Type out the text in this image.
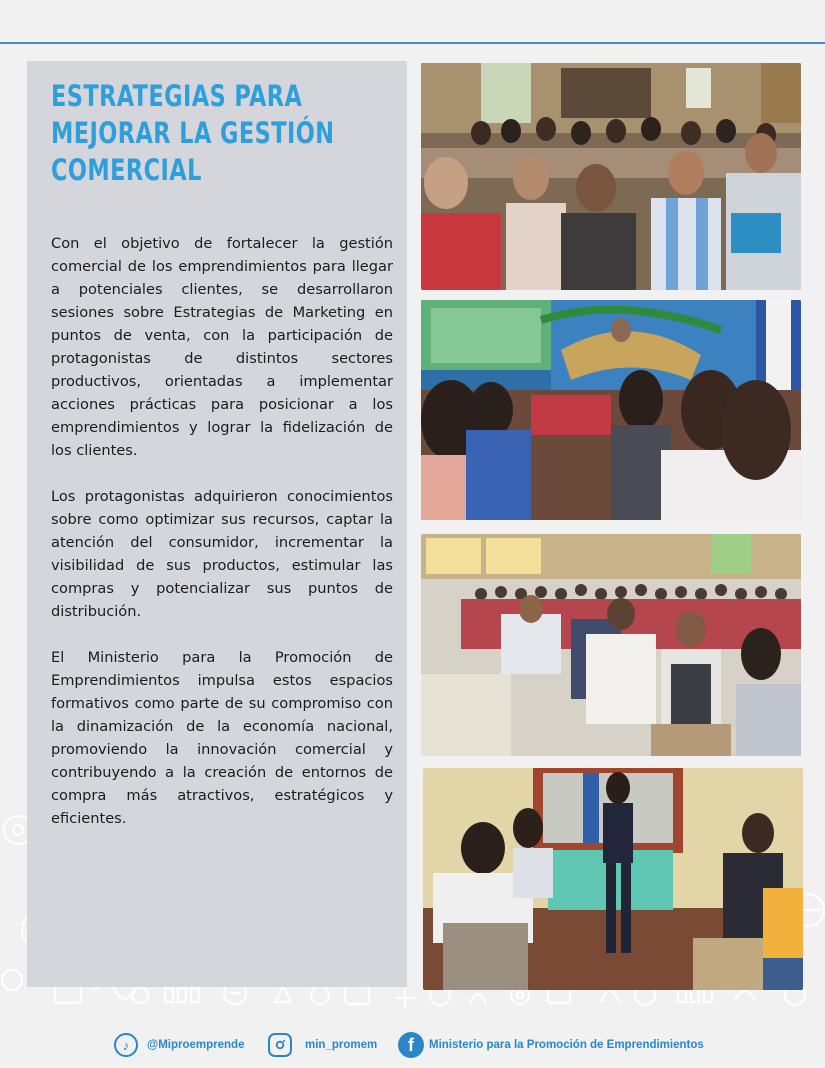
ESTRATEGIAS PARA
MEJORAR LA GESTIÓN
COMERCIAL

Con el objetivo de fortalecer la gestión comercial de los emprendimientos para llegar a potenciales clientes, se desarrollaron sesiones sobre Estrategias de Marketing en puntos de venta, con la participación de protagonistas de distintos sectores productivos, orientadas a implementar acciones prácticas para posicionar a los emprendimientos y lograr la fidelización de los clientes.

Los protagonistas adquirieron conocimientos sobre como optimizar sus recursos, captar la atención del consumidor, incrementar la visibilidad de sus productos, estimular las compras y potencializar sus puntos de distribución.

El Ministerio para la Promoción de Emprendimientos impulsa estos espacios formativos como parte de su compromiso con la dinamización de la economía nacional, promoviendo la innovación comercial y contribuyendo a la creación de entornos de compra más atractivos, estratégicos y eficientes.

♪	@Miproemprende	min_promem	f	Ministerio para la Promoción de Emprendimientos
